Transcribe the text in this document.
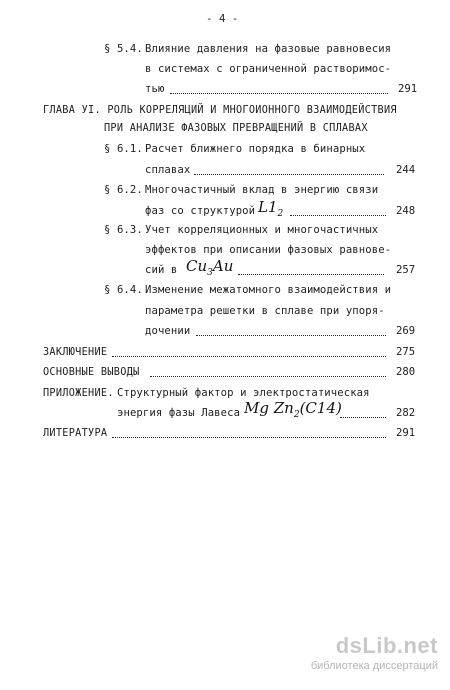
- 4 -
§ 5.4. Влияние давления на фазовые равновесия
в системах с ограниченной растворимос-
тью	291
ГЛАВА УI. РОЛЬ КОРРЕЛЯЦИЙ И МНОГОИОННОГО ВЗАИМОДЕЙСТВИЯ
ПРИ АНАЛИЗЕ ФАЗОВЫХ ПРЕВРАЩЕНИЙ В СПЛАВАХ
§ 6.1. Расчет ближнего порядка в бинарных
сплавах	244
§ 6.2. Многочастичный вклад в энергию связи
фаз со структурой $L1_2$	248
§ 6.3. Учет корреляционных и многочастичных
эффектов при описании фазовых равнове-
сий в $Cu_3Au$	257
§ 6.4. Изменение межатомного взаимодействия и
параметра решетки в сплаве при упоря-
дочении	269
ЗАКЛЮЧЕНИЕ	275
ОСНОВНЫЕ ВЫВОДЫ	280
ПРИЛОЖЕНИЕ. Структурный фактор и электростатическая
энергия фазы Лавеса Mg $Zn_2(C14)$	282
ЛИТЕРАТУРА	291
dsLib.net
библиотека диссертаций
